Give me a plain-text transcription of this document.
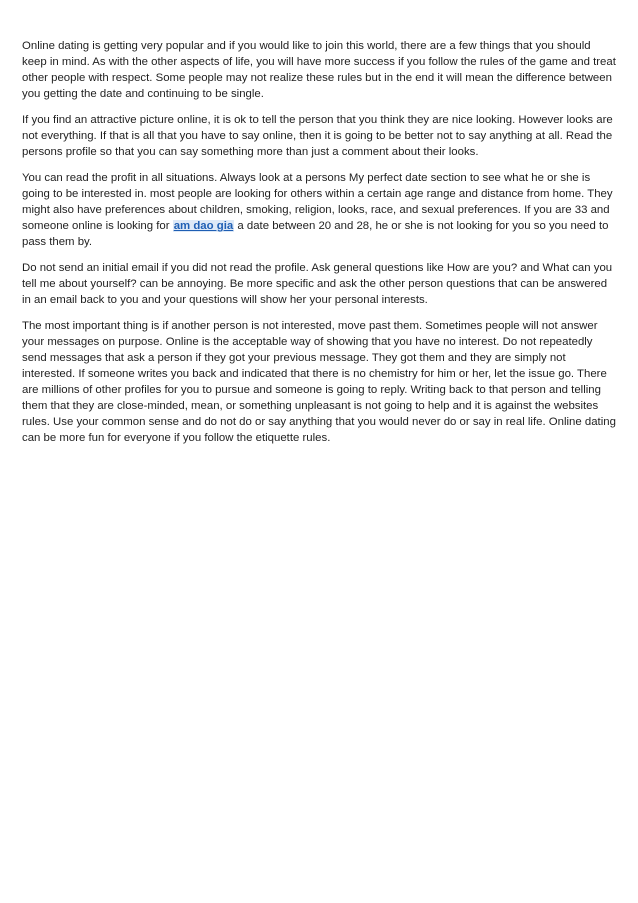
Online dating is getting very popular and if you would like to join this world, there are a few things that you should keep in mind. As with the other aspects of life, you will have more success if you follow the rules of the game and treat other people with respect. Some people may not realize these rules but in the end it will mean the difference between you getting the date and continuing to be single.

If you find an attractive picture online, it is ok to tell the person that you think they are nice looking. However looks are not everything. If that is all that you have to say online, then it is going to be better not to say anything at all. Read the persons profile so that you can say something more than just a comment about their looks.

You can read the profit in all situations. Always look at a persons My perfect date section to see what he or she is going to be interested in. most people are looking for others within a certain age range and distance from home. They might also have preferences about children, smoking, religion, looks, race, and sexual preferences. If you are 33 and someone online is looking for am dao gia a date between 20 and 28, he or she is not looking for you so you need to pass them by.

Do not send an initial email if you did not read the profile. Ask general questions like How are you? and What can you tell me about yourself? can be annoying. Be more specific and ask the other person questions that can be answered in an email back to you and your questions will show her your personal interests.

The most important thing is if another person is not interested, move past them. Sometimes people will not answer your messages on purpose. Online is the acceptable way of showing that you have no interest. Do not repeatedly send messages that ask a person if they got your previous message. They got them and they are simply not interested. If someone writes you back and indicated that there is no chemistry for him or her, let the issue go. There are millions of other profiles for you to pursue and someone is going to reply. Writing back to that person and telling them that they are close-minded, mean, or something unpleasant is not going to help and it is against the websites rules. Use your common sense and do not do or say anything that you would never do or say in real life. Online dating can be more fun for everyone if you follow the etiquette rules.
